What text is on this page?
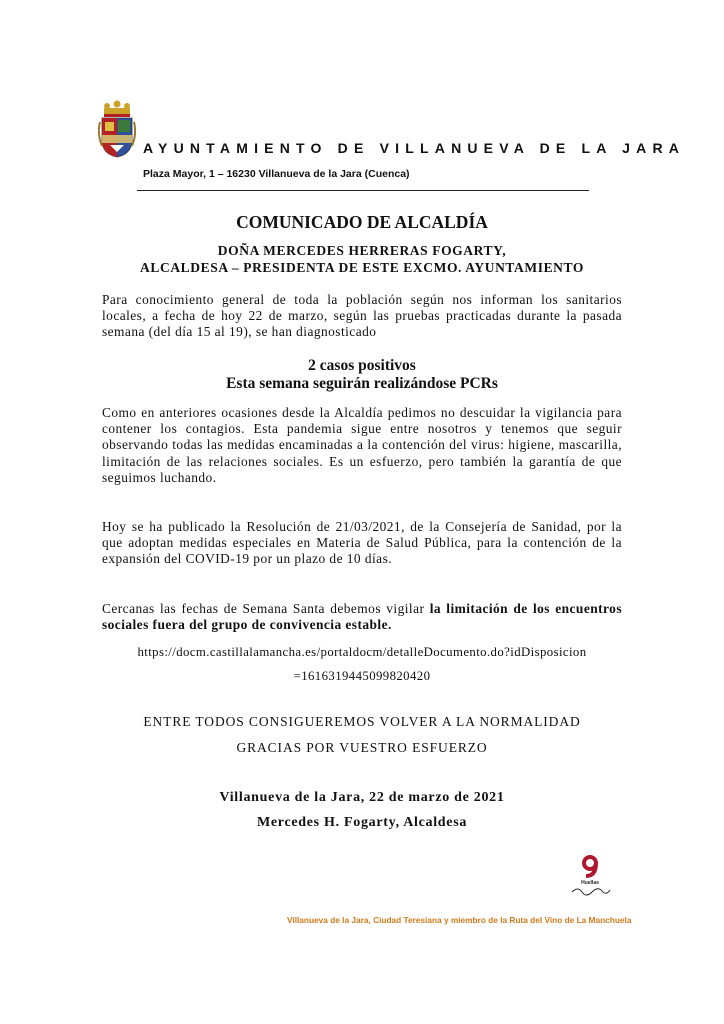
AYUNTAMIENTO DE VILLANUEVA DE LA JARA
Plaza Mayor, 1 – 16230 Villanueva de la Jara (Cuenca)
COMUNICADO DE ALCALDÍA
DOÑA MERCEDES HERRERAS FOGARTY,
ALCALDESA – PRESIDENTA DE ESTE EXCMO. AYUNTAMIENTO
Para conocimiento general de toda la población según nos informan los sanitarios locales, a fecha de hoy 22 de marzo, según las pruebas practicadas durante la pasada semana (del día 15 al 19), se han diagnosticado
2 casos positivos
Esta semana seguirán realizándose PCRs
Como en anteriores ocasiones desde la Alcaldía pedimos no descuidar la vigilancia para contener los contagios. Esta pandemia sigue entre nosotros y tenemos que seguir observando todas las medidas encaminadas a la contención del virus: higiene, mascarilla, limitación de las relaciones sociales. Es un esfuerzo, pero también la garantía de que seguimos luchando.
Hoy se ha publicado la Resolución de 21/03/2021, de la Consejería de Sanidad, por la que adoptan medidas especiales en Materia de Salud Pública, para la contención de la expansión del COVID-19 por un plazo de 10 días.
Cercanas las fechas de Semana Santa debemos vigilar la limitación de los encuentros sociales fuera del grupo de convivencia estable.
https://docm.castillalamancha.es/portaldocm/detalleDocumento.do?idDisposicion
=161631944509982042​0
ENTRE TODOS CONSIGUEREMOS VOLVER A LA NORMALIDAD
GRACIAS POR VUESTRO ESFUERZO
Villanueva de la Jara, 22 de marzo de 2021
Mercedes H. Fogarty, Alcaldesa
Huellas
Villanueva de la Jara, Ciudad Teresiana y miembro de la Ruta del Vino de La Manchuela
